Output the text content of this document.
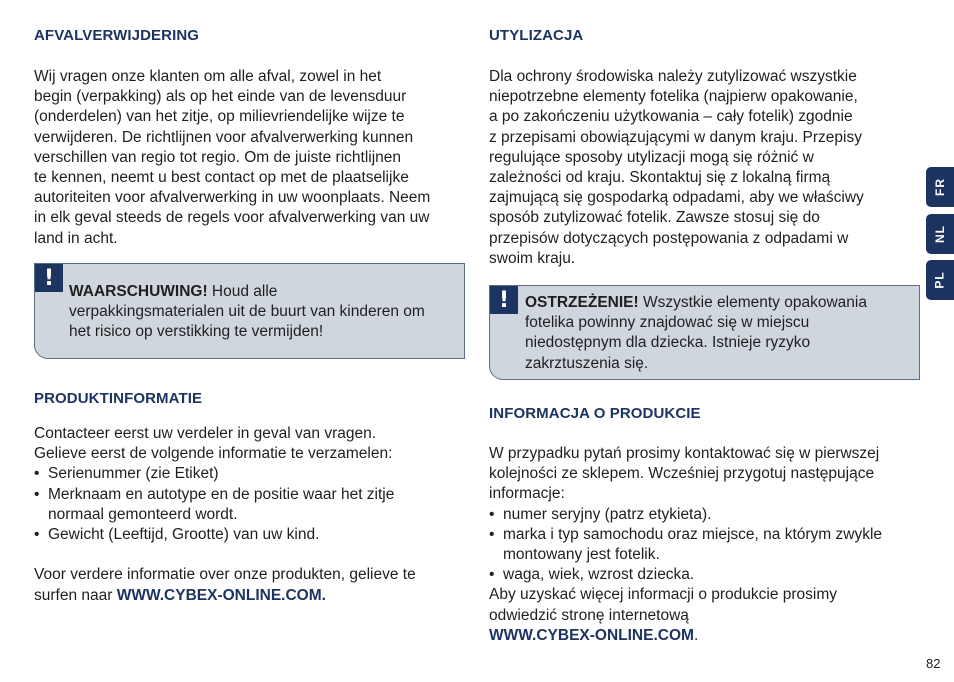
AFVALVERWIJDERING

Wij vragen onze klanten om alle afval, zowel in het
begin (verpakking) als op het einde van de levensduur
(onderdelen) van het zitje, op milievriendelijke wijze te
verwijderen. De richtlijnen voor afvalverwerking kunnen
verschillen van regio tot regio. Om de juiste richtlijnen
te kennen, neemt u best contact op met de plaatselijke
autoriteiten voor afvalverwerking in uw woonplaats. Neem
in elk geval steeds de regels voor afvalverwerking van uw
land in acht.

!

WAARSCHUWING! Houd alle
verpakkingsmaterialen uit de buurt van kinderen om
het risico op verstikking te vermijden!

PRODUKTINFORMATIE

Contacteer eerst uw verdeler in geval van vragen.
Gelieve eerst de volgende informatie te verzamelen:
• Serienummer (zie Etiket)
• Merknaam en autotype en de positie waar het zitje
normaal gemonteerd wordt.
• Gewicht (Leeftijd, Grootte) van uw kind.
Voor verdere informatie over onze produkten, gelieve te
surfen naar WWW.CYBEX-ONLINE.COM.

UTYLIZACJA

Dla ochrony środowiska należy zutylizować wszystkie
niepotrzebne elementy fotelika (najpierw opakowanie,
a po zakończeniu użytkowania – cały fotelik) zgodnie
z przepisami obowiązującymi w danym kraju. Przepisy
regulujące sposoby utylizacji mogą się różnić w
zależności od kraju. Skontaktuj się z lokalną firmą
zajmującą się gospodarką odpadami, aby we właściwy
sposób zutylizować fotelik. Zawsze stosuj się do
przepisów dotyczących postępowania z odpadami w
swoim kraju.

!	OSTRZEŻENIE! Wszystkie elementy opakowania
fotelika powinny znajdować się w miejscu
niedostępnym dla dziecka. Istnieje ryzyko
zakrztuszenia się.

INFORMACJA O PRODUKCIE

W przypadku pytań prosimy kontaktować się w pierwszej
kolejności ze sklepem. Wcześniej przygotuj następujące
informacje:
• numer seryjny (patrz etykieta).
• marka i typ samochodu oraz miejsce, na którym zwykle
montowany jest fotelik.
• waga, wiek, wzrost dziecka.
Aby uzyskać więcej informacji o produkcie prosimy
odwiedzić stronę internetową
WWW.CYBEX-ONLINE.COM.

FR
NL
PL
82
